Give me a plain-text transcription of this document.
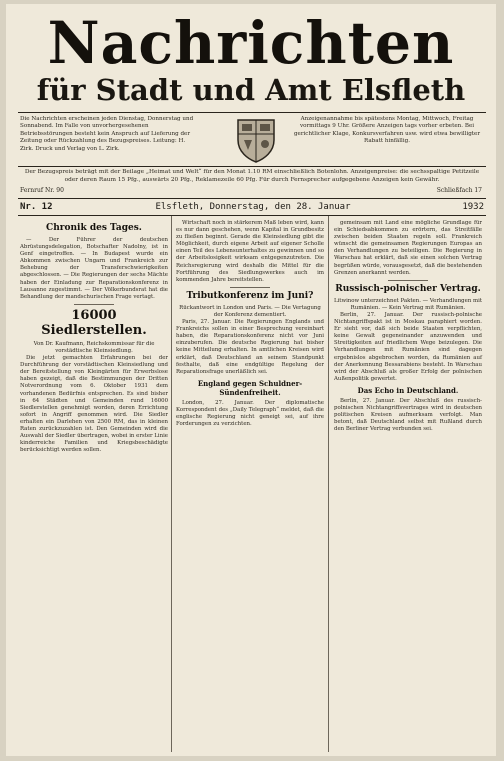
Nachrichten
für Stadt und Amt Elsfleth
Die Nachrichten erscheinen jeden Dienstag, Donnerstag und Sonnabend. Im Falle von unvorhergesehenen Betriebsstörungen besteht kein Anspruch auf Lieferung der Zeitung oder Rückzahlung des Bezugspreises. Leitung: H. Zirk. Druck und Verlag von L. Zirk.
Anzeigenannahme bis spätestens Montag, Mittwoch, Freitag vormittags 9 Uhr. Größere Anzeigen tags vorher erbeten. Bei gerichtlicher Klage, Konkursverfahren usw. wird etwa bewilligter Rabatt hinfällig.
Der Bezugspreis beträgt mit der Beilage „Heimat und Welt“ für den Monat 1.10 RM einschließlich Botenlohn. Anzeigenpreise: die sechsspaltige Petitzeile oder deren Raum 15 Pfg., auswärts 20 Pfg., Reklamezeile 60 Pfg. Für durch Fernsprecher aufgegebene Anzeigen kein Gewähr.
Fernruf Nr. 90	Schließfach 17
Nr. 12	Elsfleth, Donnerstag, den 28. Januar	1932
Chronik des Tages.

— Der Führer der deutschen Abrüstungsdelegation, Botschafter Nadolny, ist in Genf eingetroffen. — In Budapest wurde ein Abkommen zwischen Ungarn und Frankreich zur Behebung der Transferschwierigkeiten abgeschlossen. — Die Regierungen der sechs Mächte haben der Einladung zur Reparationskonferenz in Lausanne zugestimmt. — Der Völkerbundsrat hat die Behandlung der mandschurischen Frage vertagt.

16000 Siedlerstellen.
Von Dr. Kaufmann, Reichskommissar für die vorstädtische Kleinsiedlung.

Die jetzt gemachten Erfahrungen bei der Durchführung der vorstädtischen Kleinsiedlung und der Bereitstellung von Kleingärten für Erwerbslose haben gezeigt, daß die Bestimmungen der Dritten Notverordnung vom 6. Oktober 1931 dem vorhandenen Bedürfnis entsprechen. Es sind bisher in 64 Städten und Gemeinden rund 16000 Siedlerstellen genehmigt worden, deren Errichtung sofort in Angriff genommen wird. Die Siedler erhalten ein Darlehen von 2500 RM, das in kleinen Raten zurückzuzahlen ist. Den Gemeinden wird die Auswahl der Siedler übertragen, wobei in erster Linie kinderreiche Familien und Kriegsbeschädigte berücksichtigt werden sollen.

Wirtschaft noch in stärkerem Maß leben wird, kann es nur dann geschehen, wenn Kapital in Grundbesitz zu fließen beginnt. Gerade die Kleinsiedlung gibt die Möglichkeit, durch eigene Arbeit auf eigener Scholle einen Teil des Lebensunterhaltes zu gewinnen und so der Arbeitslosigkeit wirksam entgegenzutreten. Die Reichsregierung wird deshalb die Mittel für die Fortführung des Siedlungswerkes auch im kommenden Jahre bereitstellen.

Tributkonferenz im Juni?
Rückantwort in London und Paris. — Die Vertagung der Konferenz dementiert.

Paris, 27. Januar. Die Regierungen Englands und Frankreichs sollen in einer Besprechung vereinbart haben, die Reparationskonferenz nicht vor Juni einzuberufen. Die deutsche Regierung hat bisher keine Mitteilung erhalten. In amtlichen Kreisen wird erklärt, daß Deutschland an seinem Standpunkt festhalte, daß eine endgültige Regelung der Reparationsfrage unerläßlich sei.

England gegen Schuldner-Sündenfreiheit.

London, 27. Januar. Der diplomatische Korrespondent des „Daily Telegraph“ meldet, daß die englische Regierung nicht geneigt sei, auf ihre Forderungen zu verzichten.

gemeinsam mit Land eine mögliche Grundlage für ein Schiedsabkommen zu erörtern, das Streitfälle zwischen beiden Staaten regeln soll. Frankreich wünscht die gemeinsamen Regierungen Europas an den Verhandlungen zu beteiligen. Die Regierung in Warschau hat erklärt, daß sie einen solchen Vertrag begrüßen würde, vorausgesetzt, daß die bestehenden Grenzen anerkannt werden.

Russisch-polnischer Vertrag.
Litwinow unterzeichnet Pakten. — Verhandlungen mit Rumänien. — Kein Vertrag mit Rumänien.

Berlin, 27. Januar. Der russisch-polnische Nichtangriffspakt ist in Moskau paraphiert worden. Er sieht vor, daß sich beide Staaten verpflichten, keine Gewalt gegeneinander anzuwenden und Streitigkeiten auf friedlichem Wege beizulegen. Die Verhandlungen mit Rumänien sind dagegen ergebnislos abgebrochen worden, da Rumänien auf der Anerkennung Bessarabiens besteht. In Warschau wird der Abschluß als großer Erfolg der polnischen Außenpolitik gewertet.

Das Echo in Deutschland.

Berlin, 27. Januar. Der Abschluß des russisch-polnischen Nichtangriffsvertrages wird in deutschen politischen Kreisen aufmerksam verfolgt. Man betont, daß Deutschland selbst mit Rußland durch den Berliner Vertrag verbunden sei.
